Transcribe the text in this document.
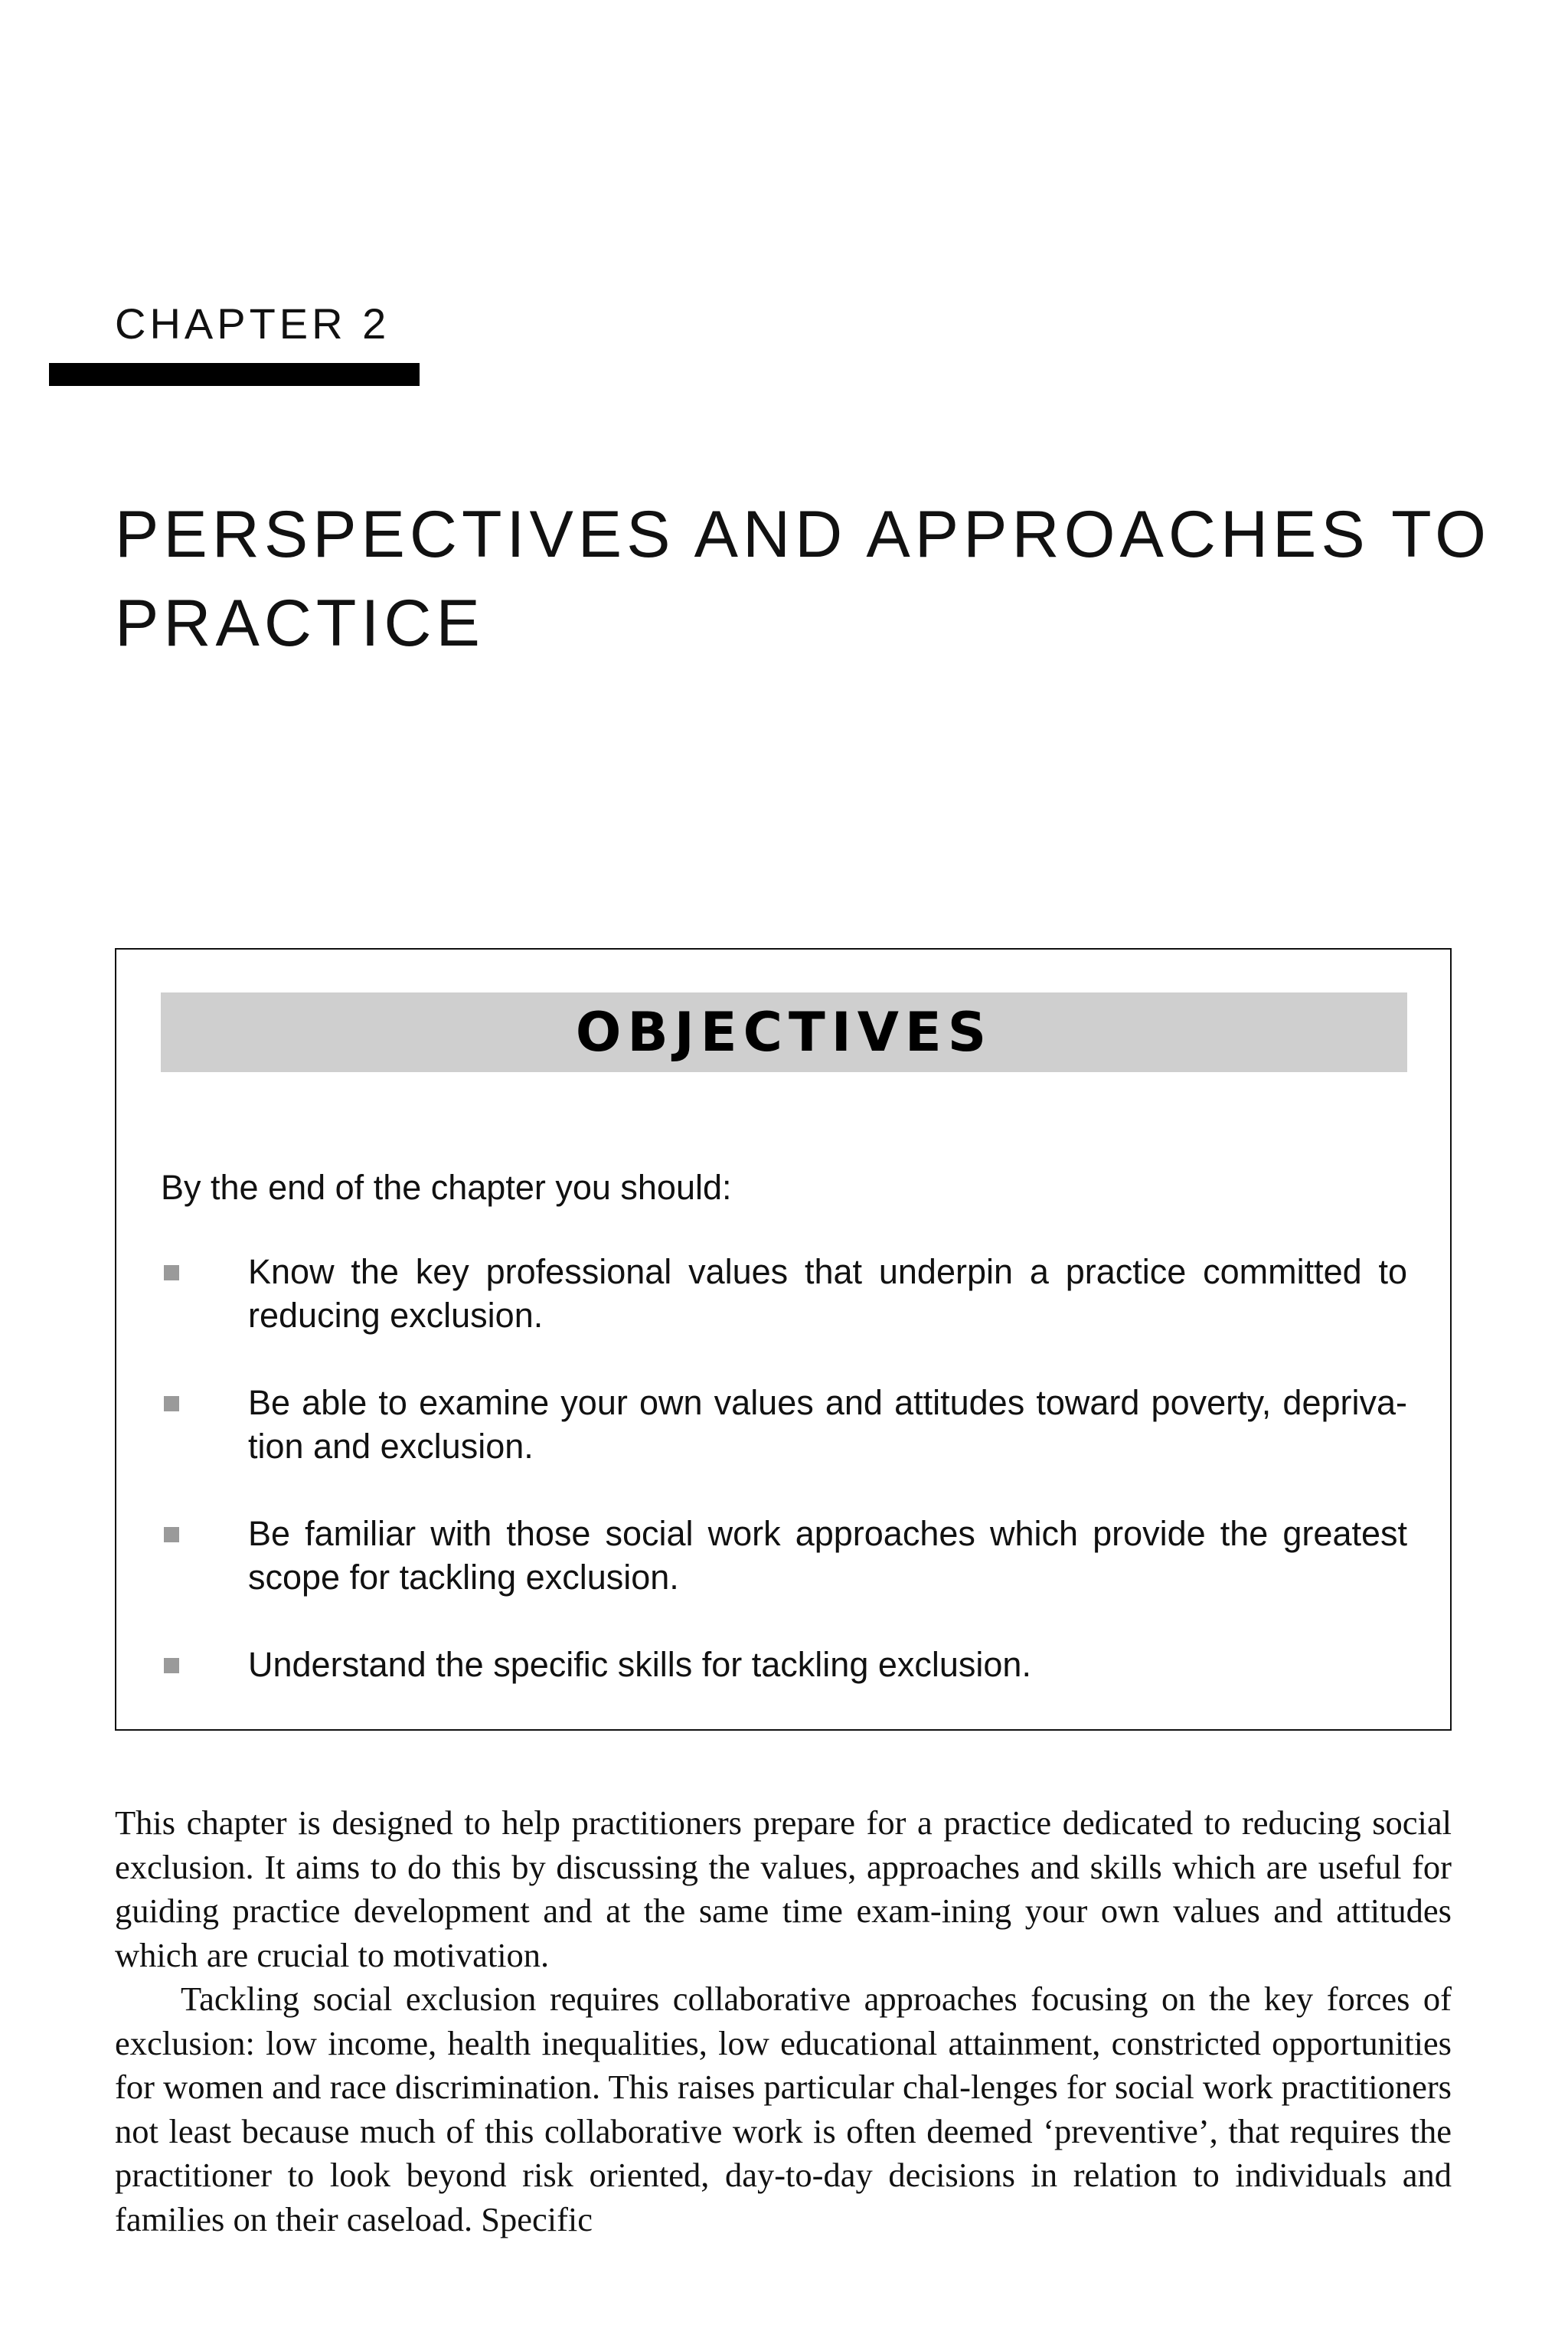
CHAPTER 2
PERSPECTIVES AND APPROACHES TO
PRACTICE
OBJECTIVES
By the end of the chapter you should:
Know the key professional values that underpin a practice committed to reducing exclusion.
Be able to examine your own values and attitudes toward poverty, depriva-tion and exclusion.
Be familiar with those social work approaches which provide the greatest scope for tackling exclusion.
Understand the specific skills for tackling exclusion.

This chapter is designed to help practitioners prepare for a practice dedicated to reducing social exclusion. It aims to do this by discussing the values, approaches and skills which are useful for guiding practice development and at the same time exam-ining your own values and attitudes which are crucial to motivation.

Tackling social exclusion requires collaborative approaches focusing on the key forces of exclusion: low income, health inequalities, low educational attainment, constricted opportunities for women and race discrimination. This raises particular chal-lenges for social work practitioners not least because much of this collaborative work is often deemed ‘preventive’, that requires the practitioner to look beyond risk oriented, day-to-day decisions in relation to individuals and families on their caseload. Specific
